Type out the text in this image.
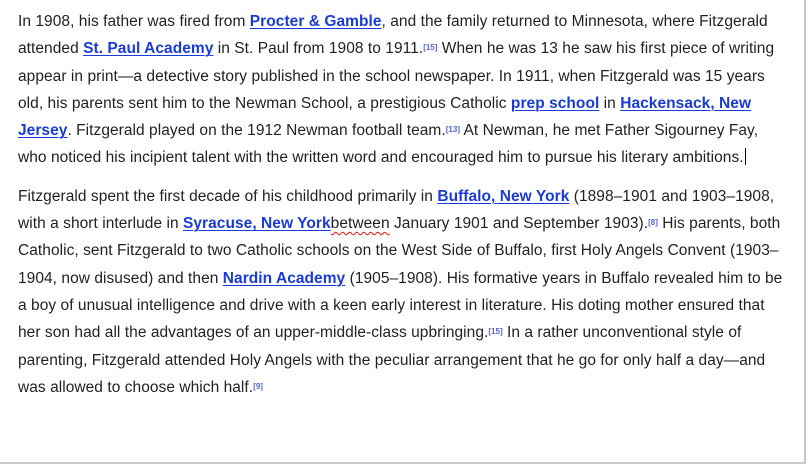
In 1908, his father was fired from Procter & Gamble, and the family returned to Minnesota, where Fitzgerald attended St. Paul Academy in St. Paul from 1908 to 1911.[15] When he was 13 he saw his first piece of writing appear in print—a detective story published in the school newspaper. In 1911, when Fitzgerald was 15 years old, his parents sent him to the Newman School, a prestigious Catholic prep school in Hackensack, New Jersey. Fitzgerald played on the 1912 Newman football team.[13] At Newman, he met Father Sigourney Fay, who noticed his incipient talent with the written word and encouraged him to pursue his literary ambitions.

Fitzgerald spent the first decade of his childhood primarily in Buffalo, New York (1898–1901 and 1903–1908, with a short interlude in Syracuse, New Yorkbetween January 1901 and September 1903).[8] His parents, both Catholic, sent Fitzgerald to two Catholic schools on the West Side of Buffalo, first Holy Angels Convent (1903–1904, now disused) and then Nardin Academy (1905–1908). His formative years in Buffalo revealed him to be a boy of unusual intelligence and drive with a keen early interest in literature. His doting mother ensured that her son had all the advantages of an upper-middle-class upbringing.[15] In a rather unconventional style of parenting, Fitzgerald attended Holy Angels with the peculiar arrangement that he go for only half a day—and was allowed to choose which half.[9]
